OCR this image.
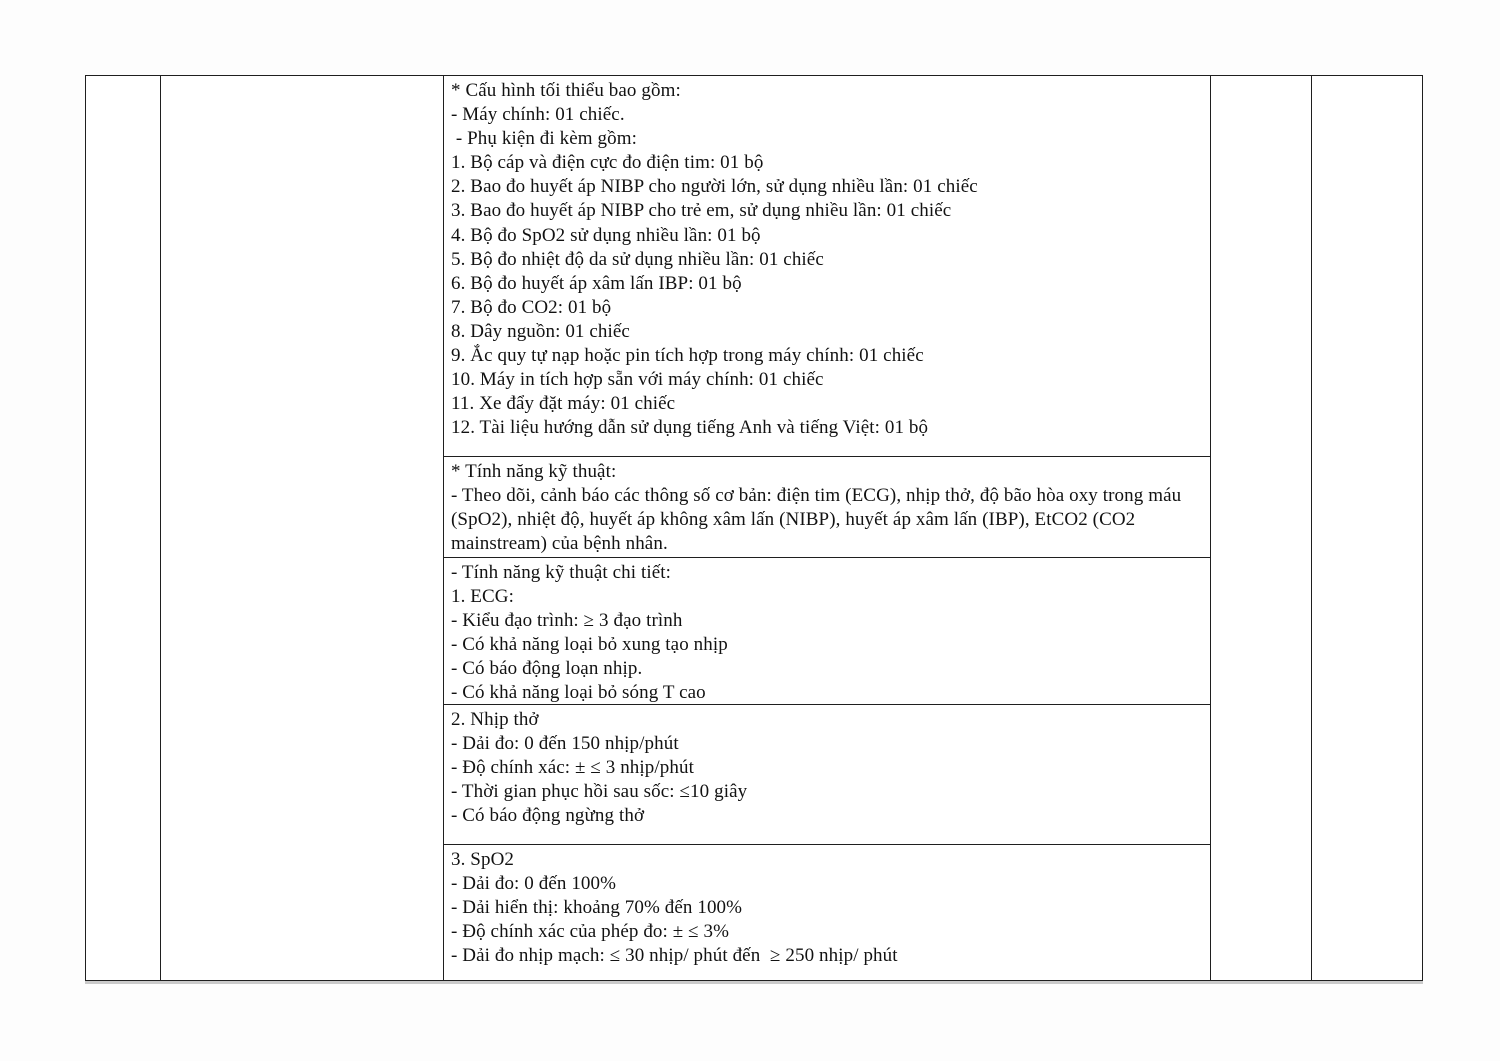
* Cấu hình tối thiểu bao gồm:
- Máy chính: 01 chiếc.
- Phụ kiện đi kèm gồm:
1. Bộ cáp và điện cực đo điện tim: 01 bộ
2. Bao đo huyết áp NIBP cho người lớn, sử dụng nhiều lần: 01 chiếc
3. Bao đo huyết áp NIBP cho trẻ em, sử dụng nhiều lần: 01 chiếc
4. Bộ đo SpO2 sử dụng nhiều lần: 01 bộ
5. Bộ đo nhiệt độ da sử dụng nhiều lần: 01 chiếc
6. Bộ đo huyết áp xâm lấn IBP: 01 bộ
7. Bộ đo CO2: 01 bộ
8. Dây nguồn: 01 chiếc
9. Ắc quy tự nạp hoặc pin tích hợp trong máy chính: 01 chiếc
10. Máy in tích hợp sẵn với máy chính: 01 chiếc
11. Xe đẩy đặt máy: 01 chiếc
12. Tài liệu hướng dẫn sử dụng tiếng Anh và tiếng Việt: 01 bộ
* Tính năng kỹ thuật:
- Theo dõi, cảnh báo các thông số cơ bản: điện tim (ECG), nhịp thở, độ bão hòa oxy trong máu
(SpO2), nhiệt độ, huyết áp không xâm lấn (NIBP), huyết áp xâm lấn (IBP), EtCO2 (CO2
mainstream) của bệnh nhân.
- Tính năng kỹ thuật chi tiết:
1. ECG:
- Kiểu đạo trình: ≥ 3 đạo trình
- Có khả năng loại bỏ xung tạo nhịp
- Có báo động loạn nhịp.
- Có khả năng loại bỏ sóng T cao
2. Nhịp thở
- Dải đo: 0 đến 150 nhịp/phút
- Độ chính xác: ± ≤ 3 nhịp/phút
- Thời gian phục hồi sau sốc: ≤10 giây
- Có báo động ngừng thở
3. SpO2
- Dải đo: 0 đến 100%
- Dải hiển thị: khoảng 70% đến 100%
- Độ chính xác của phép đo: ± ≤ 3%
- Dải đo nhịp mạch: ≤ 30 nhịp/ phút đến  ≥ 250 nhịp/ phút
